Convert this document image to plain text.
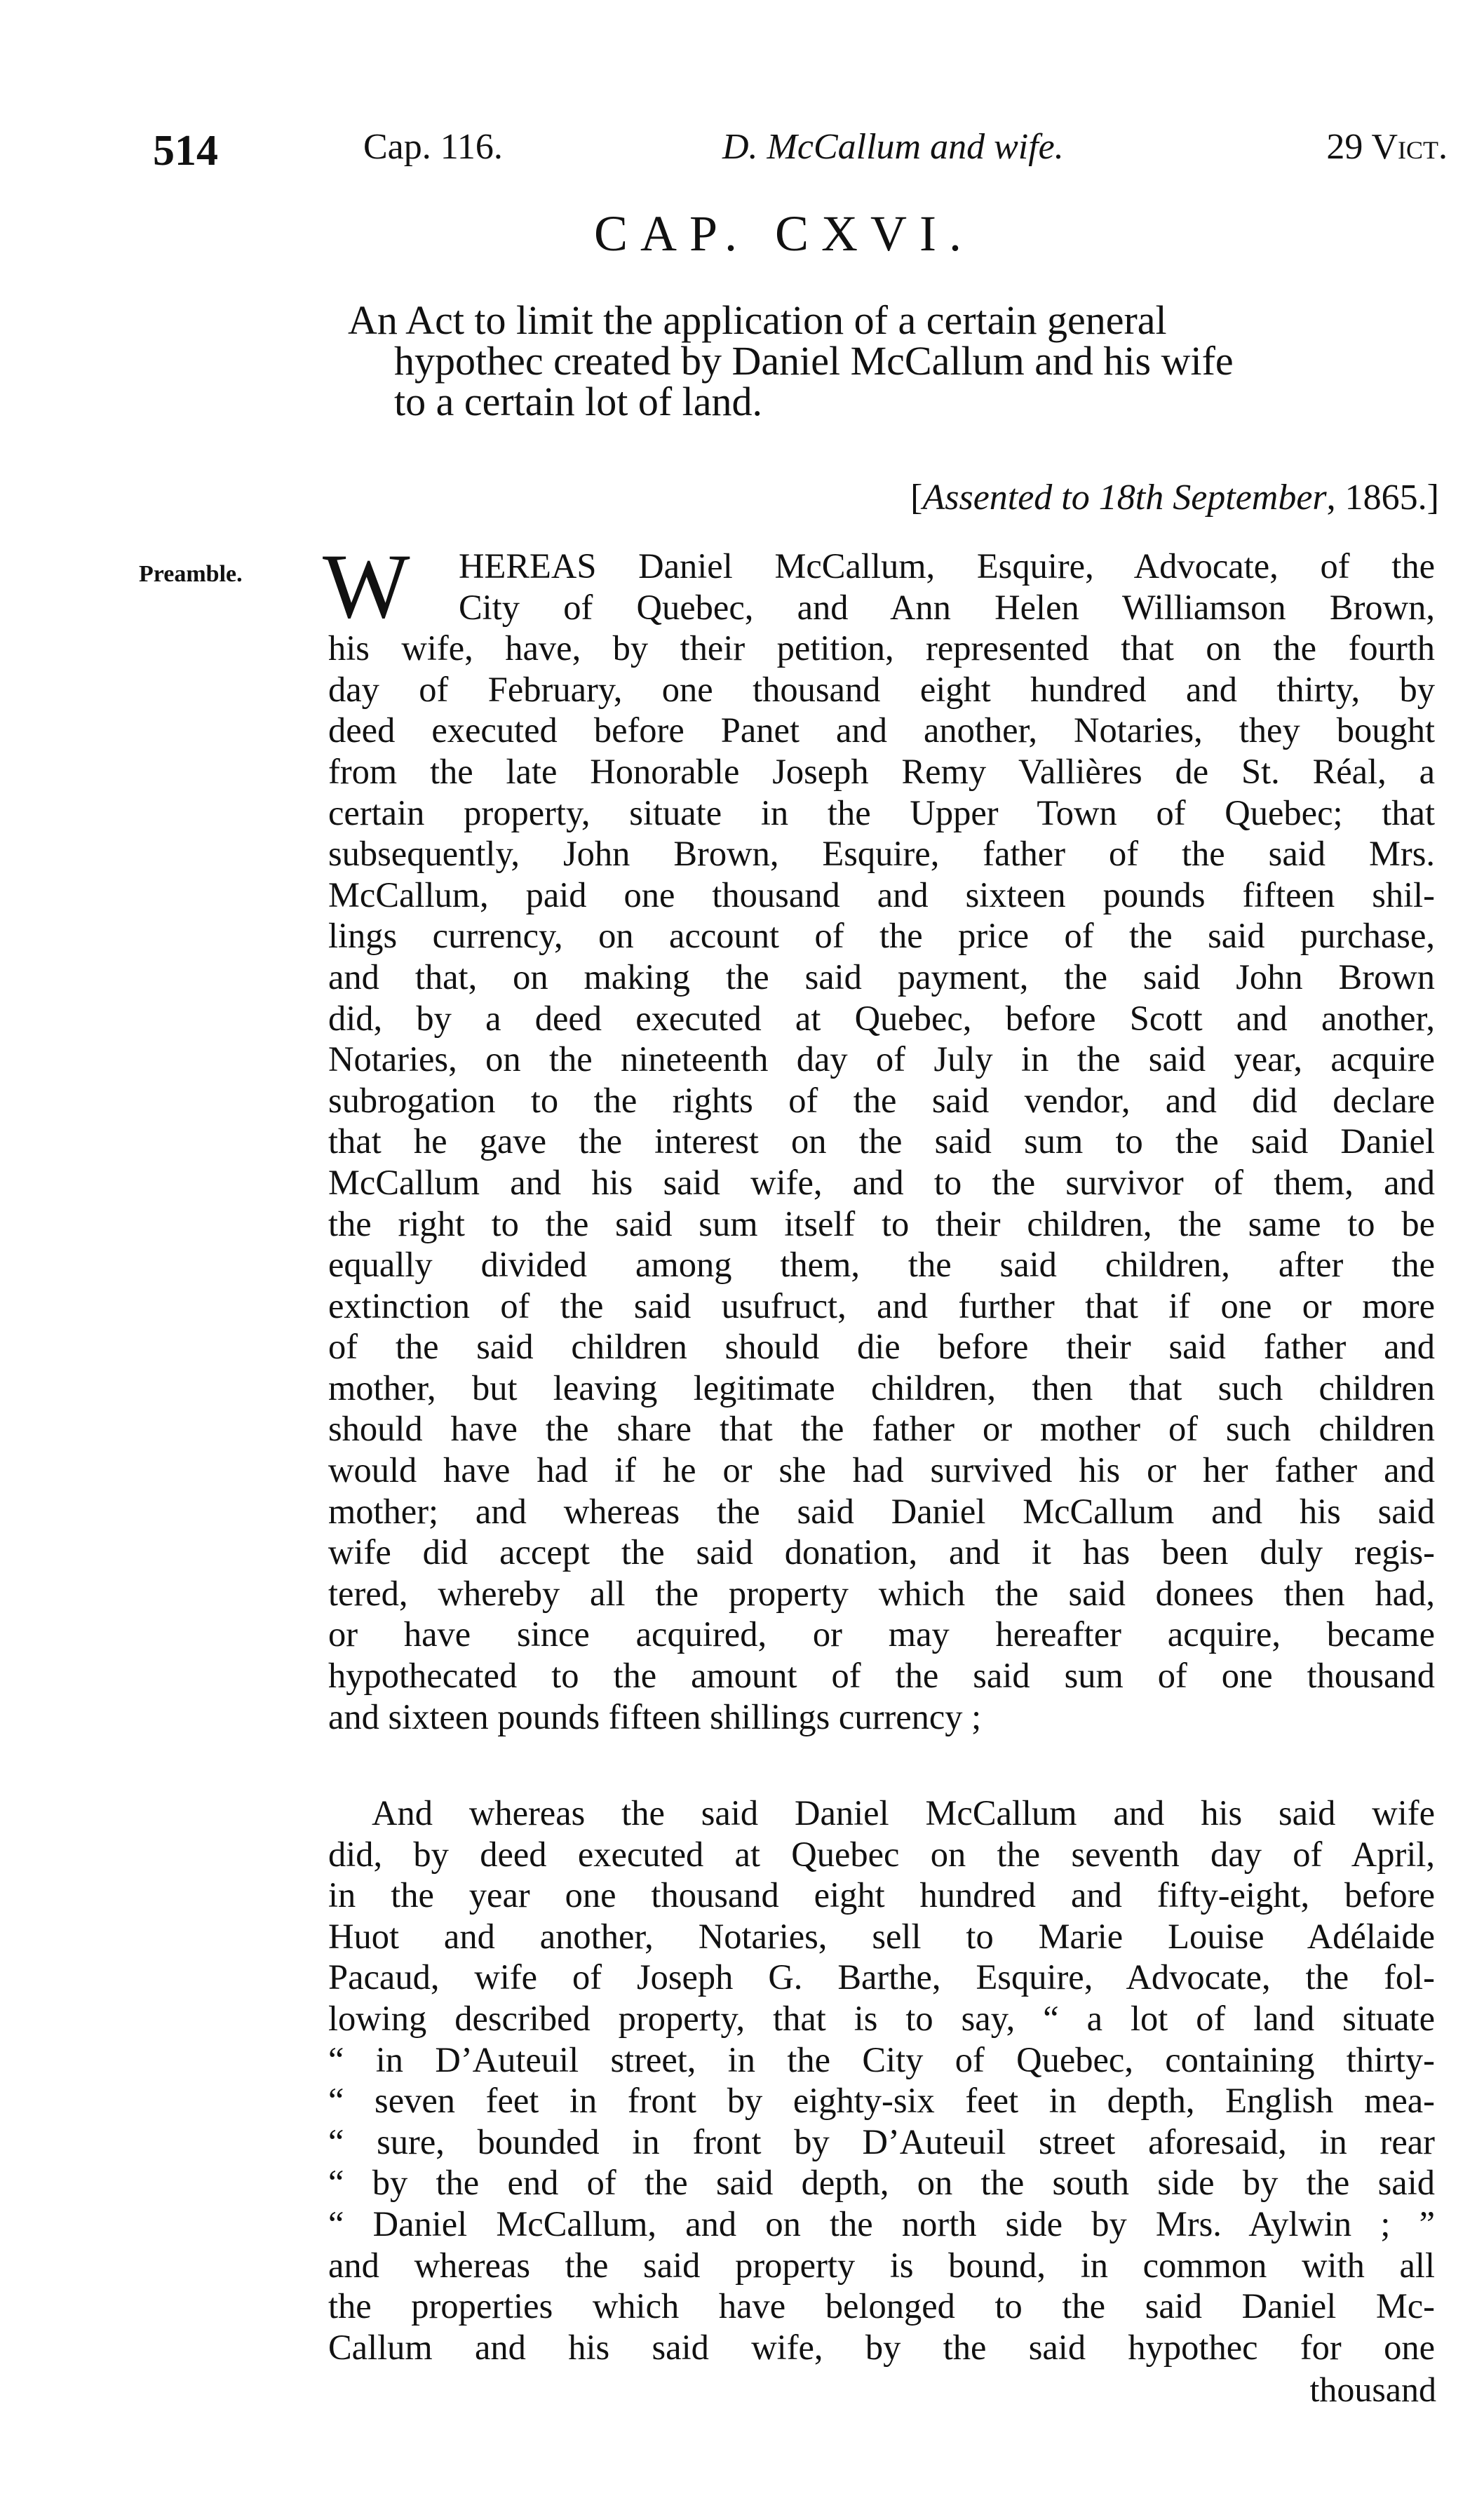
514	Cap. 116.	D. McCallum and wife.	29 Vict.
CAP. CXVI.
An Act to limit the application of a certain general
hypothec created by Daniel McCallum and his wife
to a certain lot of land.
[Assented to 18th September, 1865.]
Preamble. W	HEREAS Daniel McCallum, Esquire, Advocate, of the
City of Quebec, and Ann Helen Williamson Brown,
his wife, have, by their petition, represented that on the fourth
day of February, one thousand eight hundred and thirty, by
deed executed before Panet and another, Notaries, they bought
from the late Honorable Joseph Remy Vallières de St. Réal, a
certain property, situate in the Upper Town of Quebec; that
subsequently, John Brown, Esquire, father of the said Mrs.
McCallum, paid one thousand and sixteen pounds fifteen shil-
lings currency, on account of the price of the said purchase,
and that, on making the said payment, the said John Brown
did, by a deed executed at Quebec, before Scott and another,
Notaries, on the nineteenth day of July in the said year, acquire
subrogation to the rights of the said vendor, and did declare
that he gave the interest on the said sum to the said Daniel
McCallum and his said wife, and to the survivor of them, and
the right to the said sum itself to their children, the same to be
equally divided among them, the said children, after the
extinction of the said usufruct, and further that if one or more
of the said children should die before their said father and
mother, but leaving legitimate children, then that such children
should have the share that the father or mother of such children
would have had if he or she had survived his or her father and
mother; and whereas the said Daniel McCallum and his said
wife did accept the said donation, and it has been duly regis-
tered, whereby all the property which the said donees then had,
or have since acquired, or may hereafter acquire, became
hypothecated to the amount of the said sum of one thousand
and sixteen pounds fifteen shillings currency ;
And whereas the said Daniel McCallum and his said wife
did, by deed executed at Quebec on the seventh day of April,
in the year one thousand eight hundred and fifty-eight, before
Huot and another, Notaries, sell to Marie Louise Adélaide
Pacaud, wife of Joseph G. Barthe, Esquire, Advocate, the fol-
lowing described property, that is to say, “ a lot of land situate
“ in D’Auteuil street, in the City of Quebec, containing thirty-
“ seven feet in front by eighty-six feet in depth, English mea-
“ sure, bounded in front by D’Auteuil street aforesaid, in rear
“ by the end of the said depth, on the south side by the said
“ Daniel McCallum, and on the north side by Mrs. Aylwin ; ”
and whereas the said property is bound, in common with all
the properties which have belonged to the said Daniel Mc-
Callum and his said wife, by the said hypothec for one
thousand
